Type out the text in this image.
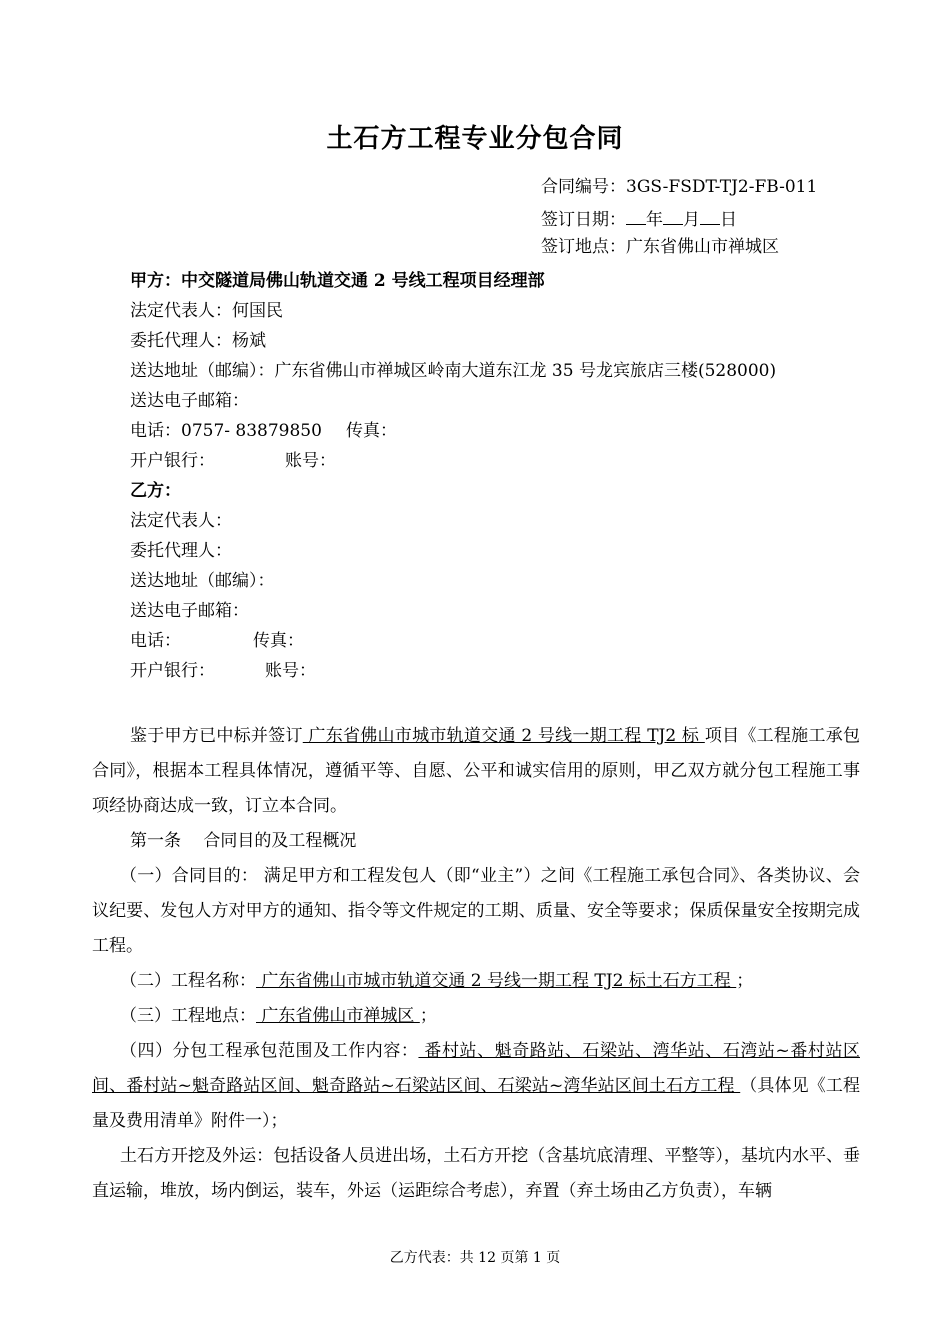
土石方工程专业分包合同
合同编号：3GS-FSDT-TJ2-FB-011
签订日期： 年 月 日
签订地点：广东省佛山市禅城区
甲方：中交隧道局佛山轨道交通 2 号线工程项目经理部
法定代表人：何国民
委托代理人：杨斌
送达地址（邮编）：广东省佛山市禅城区岭南大道东江龙 35 号龙宾旅店三楼(528000)
送达电子邮箱：
电话：0757- 83879850 传真：
开户银行：	账号：
乙方：
法定代表人：
委托代理人：
送达地址（邮编）：
送达电子邮箱：
电话：	传真：
开户银行：	账号：

鉴于甲方已中标并签订 广东省佛山市城市轨道交通 2 号线一期工程 TJ2 标 项目《工程施工承包合同》，根据本工程具体情况，遵循平等、自愿、公平和诚实信用的原则，甲乙双方就分包工程施工事项经协商达成一致，订立本合同。

第一条　 合同目的及工程概况

（一）合同目的： 满足甲方和工程发包人（即“业主”）之间《工程施工承包合同》、各类协议、会议纪要、发包人方对甲方的通知、指令等文件规定的工期、质量、安全等要求；保质保量安全按期完成工程。

（二）工程名称： 广东省佛山市城市轨道交通 2 号线一期工程 TJ2 标土石方工程 ；

（三）工程地点： 广东省佛山市禅城区 ；

（四）分包工程承包范围及工作内容： 番村站、魁奇路站、石梁站、湾华站、石湾站~番村站区间、番村站~魁奇路站区间、魁奇路站~石梁站区间、石梁站~湾华站区间土石方工程 （具体见《工程量及费用清单》附件一）；

土石方开挖及外运：包括设备人员进出场，土石方开挖（含基坑底清理、平整等），基坑内水平、垂直运输，堆放，场内倒运，装车，外运（运距综合考虑），弃置（弃土场由乙方负责），车辆

乙方代表：共 12 页第 1 页
